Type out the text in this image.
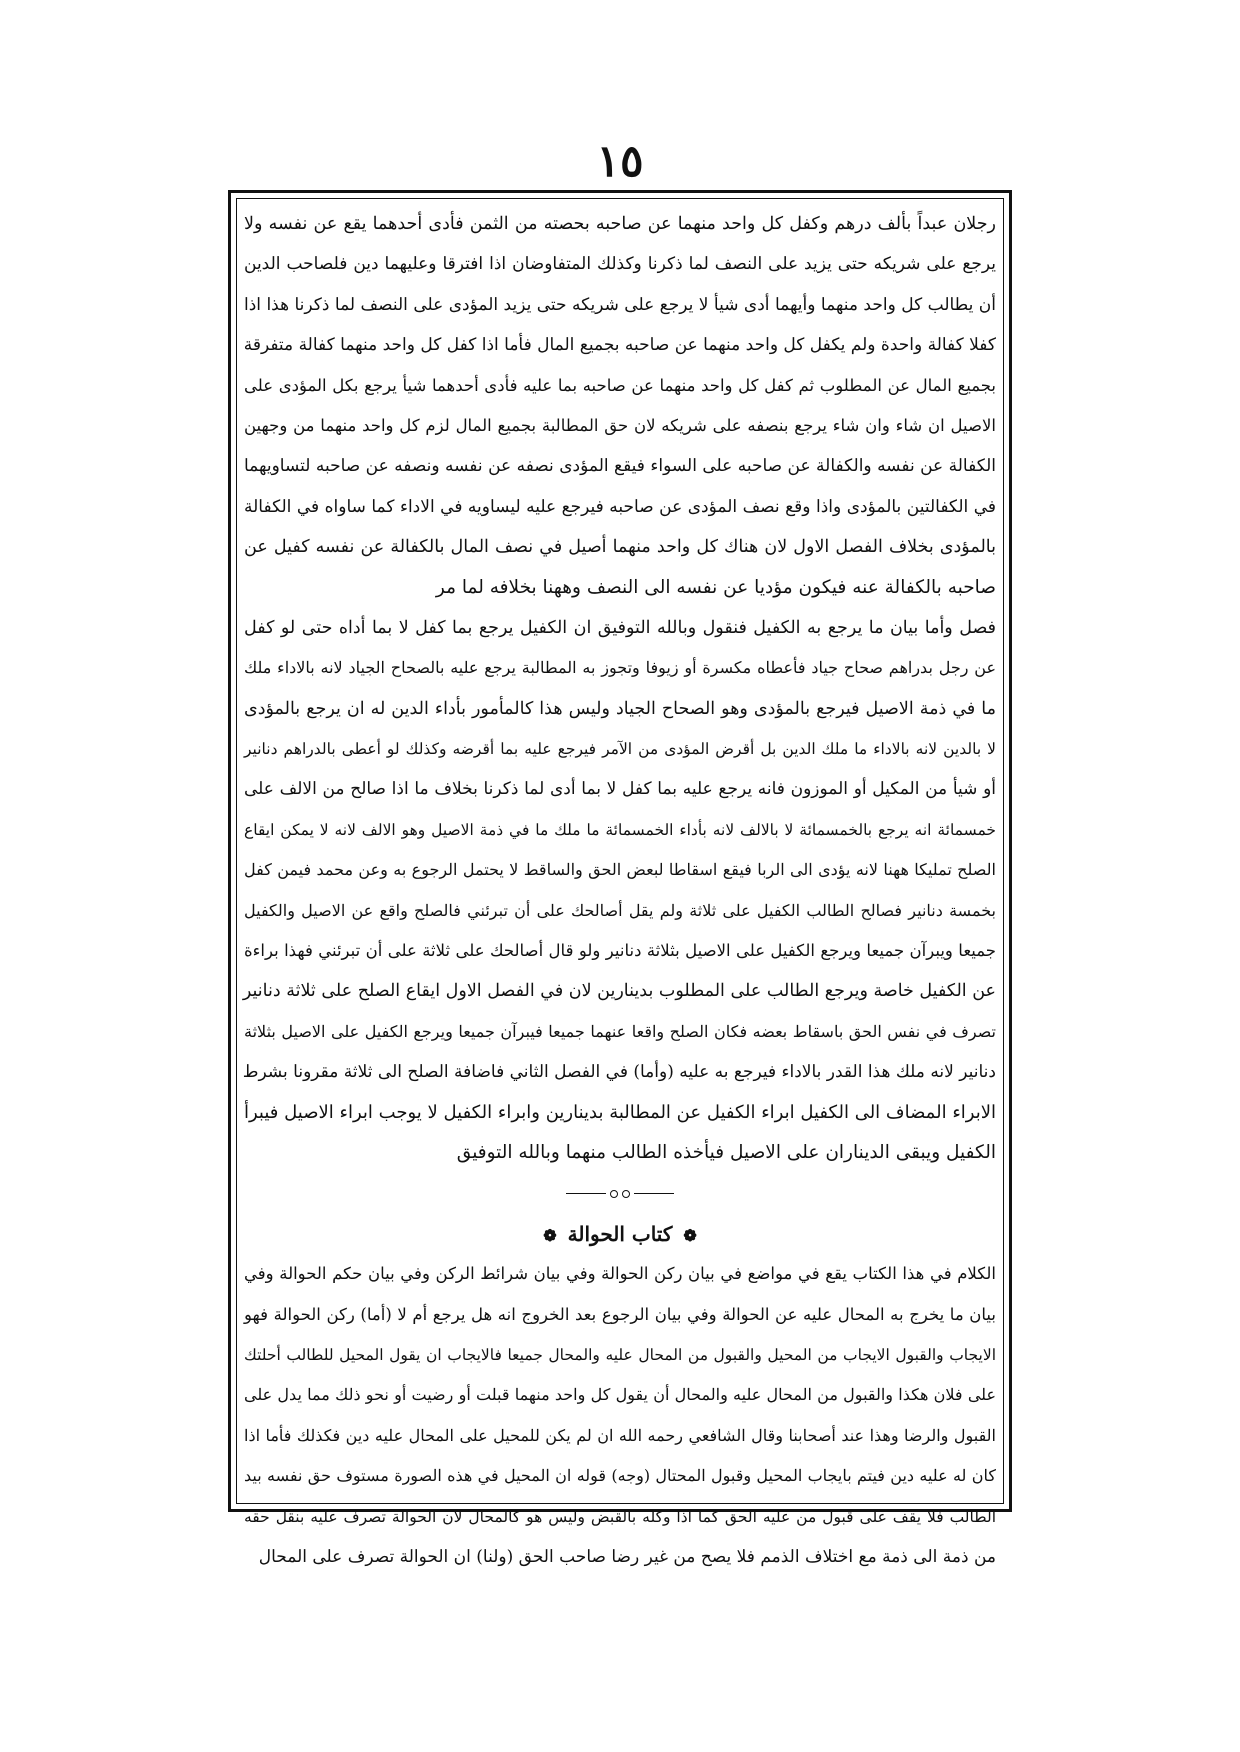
١٥
رجلان عبداً بألف درهم وكفل كل واحد منهما عن صاحبه بحصته من الثمن فأدى أحدهما يقع عن نفسه ولا
يرجع على شريكه حتى يزيد على النصف لما ذكرنا وكذلك المتفاوضان اذا افترقا وعليهما دين فلصاحب الدين
أن يطالب كل واحد منهما وأيهما أدى شيأ لا يرجع على شريكه حتى يزيد المؤدى على النصف لما ذكرنا هذا اذا
كفلا كفالة واحدة ولم يكفل كل واحد منهما عن صاحبه بجميع المال فأما اذا كفل كل واحد منهما كفالة متفرقة
بجميع المال عن المطلوب ثم كفل كل واحد منهما عن صاحبه بما عليه فأدى أحدهما شيأ يرجع بكل المؤدى على
الاصيل ان شاء وان شاء يرجع بنصفه على شريكه لان حق المطالبة بجميع المال لزم كل واحد منهما من وجهين
الكفالة عن نفسه والكفالة عن صاحبه على السواء فيقع المؤدى نصفه عن نفسه ونصفه عن صاحبه لتساويهما
في الكفالتين بالمؤدى واذا وقع نصف المؤدى عن صاحبه فيرجع عليه ليساويه في الاداء كما ساواه في الكفالة
بالمؤدى بخلاف الفصل الاول لان هناك كل واحد منهما أصيل في نصف المال بالكفالة عن نفسه كفيل عن
صاحبه بالكفالة عنه فيكون مؤديا عن نفسه الى النصف وههنا بخلافه لما مر
فصل وأما بيان ما يرجع به الكفيل فنقول وبالله التوفيق ان الكفيل يرجع بما كفل لا بما أداه حتى لو كفل
عن رجل بدراهم صحاح جياد فأعطاه مكسرة أو زيوفا وتجوز به المطالبة يرجع عليه بالصحاح الجياد لانه بالاداء ملك
ما في ذمة الاصيل فيرجع بالمؤدى وهو الصحاح الجياد وليس هذا كالمأمور بأداء الدين له ان يرجع بالمؤدى
لا بالدين لانه بالاداء ما ملك الدين بل أقرض المؤدى من الآمر فيرجع عليه بما أقرضه وكذلك لو أعطى بالدراهم دنانير
أو شيأ من المكيل أو الموزون فانه يرجع عليه بما كفل لا بما أدى لما ذكرنا بخلاف ما اذا صالح من الالف على
خمسمائة انه يرجع بالخمسمائة لا بالالف لانه بأداء الخمسمائة ما ملك ما في ذمة الاصيل وهو الالف لانه لا يمكن ايقاع
الصلح تمليكا ههنا لانه يؤدى الى الربا فيقع اسقاطا لبعض الحق والساقط لا يحتمل الرجوع به وعن محمد فيمن كفل
بخمسة دنانير فصالح الطالب الكفيل على ثلاثة ولم يقل أصالحك على أن تبرئني فالصلح واقع عن الاصيل والكفيل
جميعا ويبرآن جميعا ويرجع الكفيل على الاصيل بثلاثة دنانير ولو قال أصالحك على ثلاثة على أن تبرئني فهذا براءة
عن الكفيل خاصة ويرجع الطالب على المطلوب بدينارين لان في الفصل الاول ايقاع الصلح على ثلاثة دنانير
تصرف في نفس الحق باسقاط بعضه فكان الصلح واقعا عنهما جميعا فيبرآن جميعا ويرجع الكفيل على الاصيل بثلاثة
دنانير لانه ملك هذا القدر بالاداء فيرجع به عليه (وأما) في الفصل الثاني فاضافة الصلح الى ثلاثة مقرونا بشرط
الابراء المضاف الى الكفيل ابراء الكفيل عن المطالبة بدينارين وابراء الكفيل لا يوجب ابراء الاصيل فيبرأ
الكفيل ويبقى الديناران على الاصيل فيأخذه الطالب منهما وبالله التوفيق
❁ كتاب الحوالة ❁
الكلام في هذا الكتاب يقع في مواضع في بيان ركن الحوالة وفي بيان شرائط الركن وفي بيان حكم الحوالة وفي
بيان ما يخرج به المحال عليه عن الحوالة وفي بيان الرجوع بعد الخروج انه هل يرجع أم لا (أما) ركن الحوالة فهو
الايجاب والقبول الايجاب من المحيل والقبول من المحال عليه والمحال جميعا فالايجاب ان يقول المحيل للطالب أحلتك
على فلان هكذا والقبول من المحال عليه والمحال أن يقول كل واحد منهما قبلت أو رضيت أو نحو ذلك مما يدل على
القبول والرضا وهذا عند أصحابنا وقال الشافعي رحمه الله ان لم يكن للمحيل على المحال عليه دين فكذلك فأما اذا
كان له عليه دين فيتم بايجاب المحيل وقبول المحتال (وجه) قوله ان المحيل في هذه الصورة مستوف حق نفسه بيد
الطالب فلا يقف على قبول من عليه الحق كما اذا وكله بالقبض وليس هو كالمحال لان الحوالة تصرف عليه بنقل حقه
من ذمة الى ذمة مع اختلاف الذمم فلا يصح من غير رضا صاحب الحق (ولنا) ان الحوالة تصرف على المحال
